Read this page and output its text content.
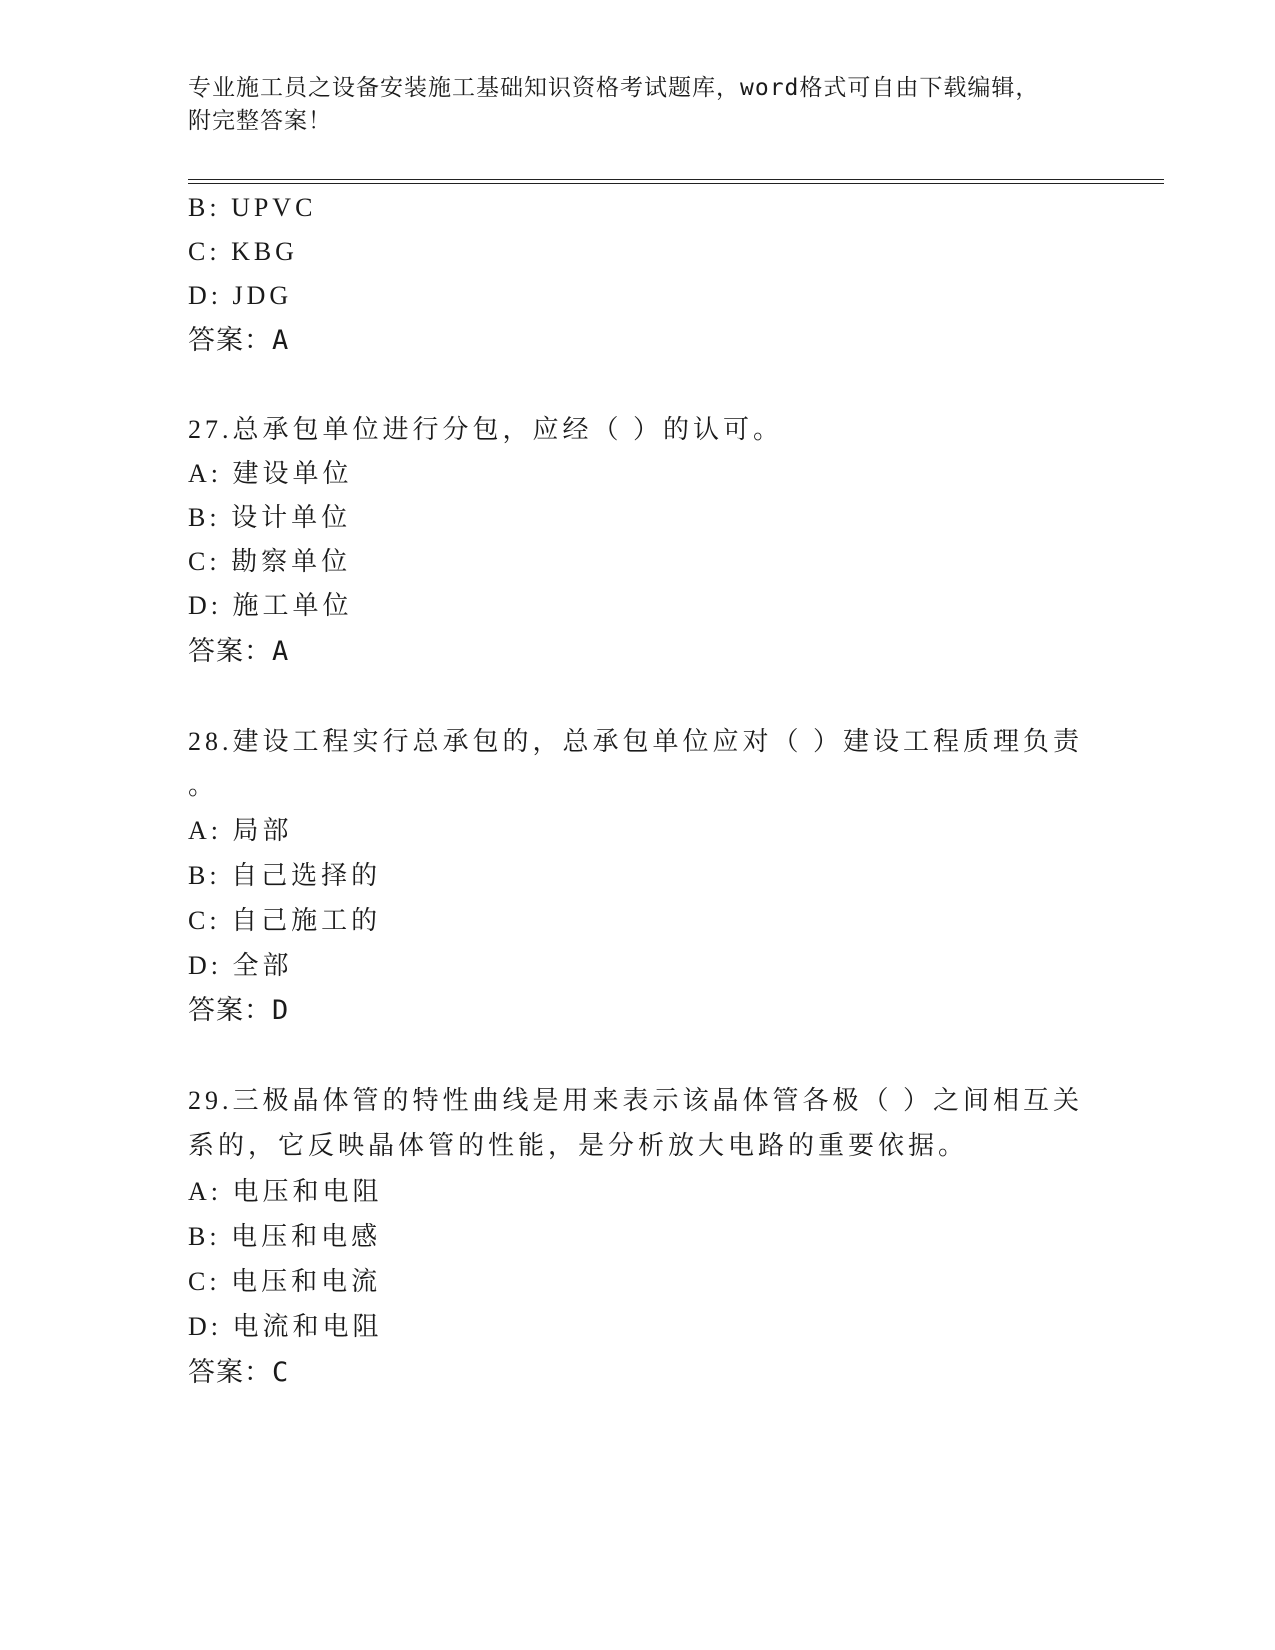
专业施工员之设备安装施工基础知识资格考试题库，word格式可自由下载编辑，
附完整答案！
B: UPVC
C: KBG
D: JDG
答案：A
27.总承包单位进行分包，应经（ ）的认可。
A: 建设单位
B: 设计单位
C: 勘察单位
D: 施工单位
答案：A
28.建设工程实行总承包的，总承包单位应对（ ）建设工程质理负责
。
A: 局部
B: 自己选择的
C: 自己施工的
D: 全部
答案：D
29.三极晶体管的特性曲线是用来表示该晶体管各极（ ）之间相互关
系的，它反映晶体管的性能，是分析放大电路的重要依据。
A: 电压和电阻
B: 电压和电感
C: 电压和电流
D: 电流和电阻
答案：C
